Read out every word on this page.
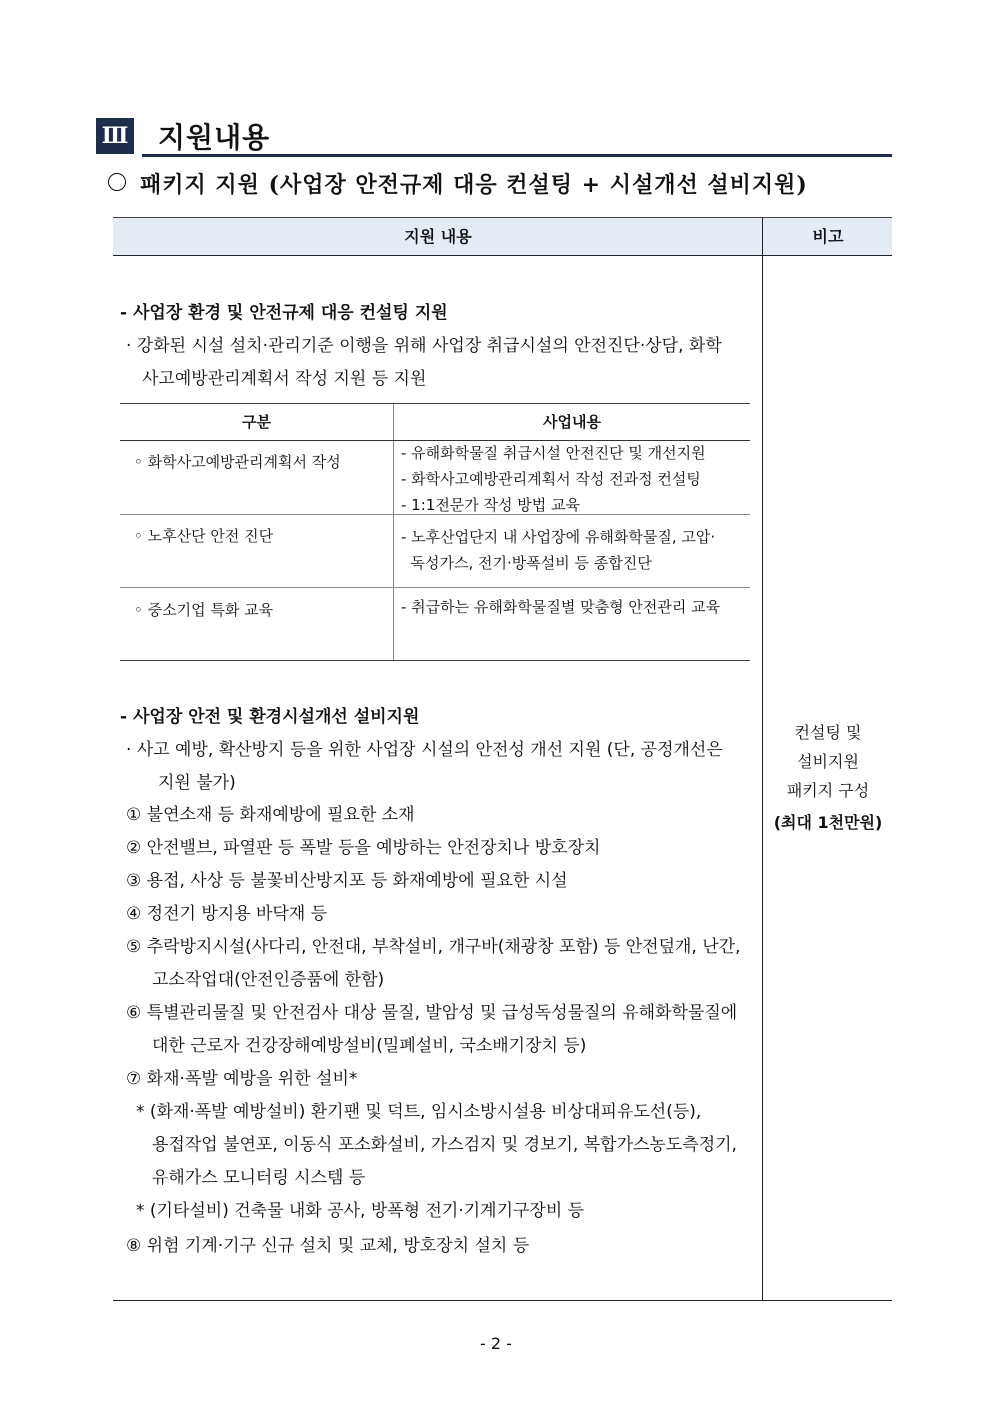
Ⅲ 지원내용
패키지 지원 (사업장 안전규제 대응 컨설팅 + 시설개선 설비지원)
지원 내용	비고
- 사업장 환경 및 안전규제 대응 컨설팅 지원
· 강화된 시설 설치·관리기준 이행을 위해 사업장 취급시설의 안전진단·상담, 화학
사고예방관리계획서 작성 지원 등 지원
구분	사업내용
◦ 화학사고예방관리계획서 작성	- 유해화학물질 취급시설 안전진단 및 개선지원
- 화학사고예방관리계획서 작성 전과정 컨설팅
- 1:1전문가 작성 방법 교육
◦ 노후산단 안전 진단	- 노후산업단지 내 사업장에 유해화학물질, 고압·
독성가스, 전기·방폭설비 등 종합진단
◦ 중소기업 특화 교육	- 취급하는 유해화학물질별 맞춤형 안전관리 교육
- 사업장 안전 및 환경시설개선 설비지원
· 사고 예방, 확산방지 등을 위한 사업장 시설의 안전성 개선 지원 (단, 공정개선은
지원 불가)
① 불연소재 등 화재예방에 필요한 소재
② 안전밸브, 파열판 등 폭발 등을 예방하는 안전장치나 방호장치
③ 용접, 사상 등 불꽃비산방지포 등 화재예방에 필요한 시설
④ 정전기 방지용 바닥재 등
⑤ 추락방지시설(사다리, 안전대, 부착설비, 개구바(채광창 포함) 등 안전덮개, 난간,
고소작업대(안전인증품에 한함)
⑥ 특별관리물질 및 안전검사 대상 물질, 발암성 및 급성독성물질의 유해화학물질에
대한 근로자 건강장해예방설비(밀폐설비, 국소배기장치 등)
⑦ 화재·폭발 예방을 위한 설비*
* (화재·폭발 예방설비) 환기팬 및 덕트, 임시소방시설용 비상대피유도선(등),
용접작업 불연포, 이동식 포소화설비, 가스검지 및 경보기, 복합가스농도측정기,
유해가스 모니터링 시스템 등
* (기타설비) 건축물 내화 공사, 방폭형 전기·기계기구장비 등
⑧ 위험 기계·기구 신규 설치 및 교체, 방호장치 설치 등
컨설팅 및
설비지원
패키지 구성
(최대 1천만원)
- 2 -
